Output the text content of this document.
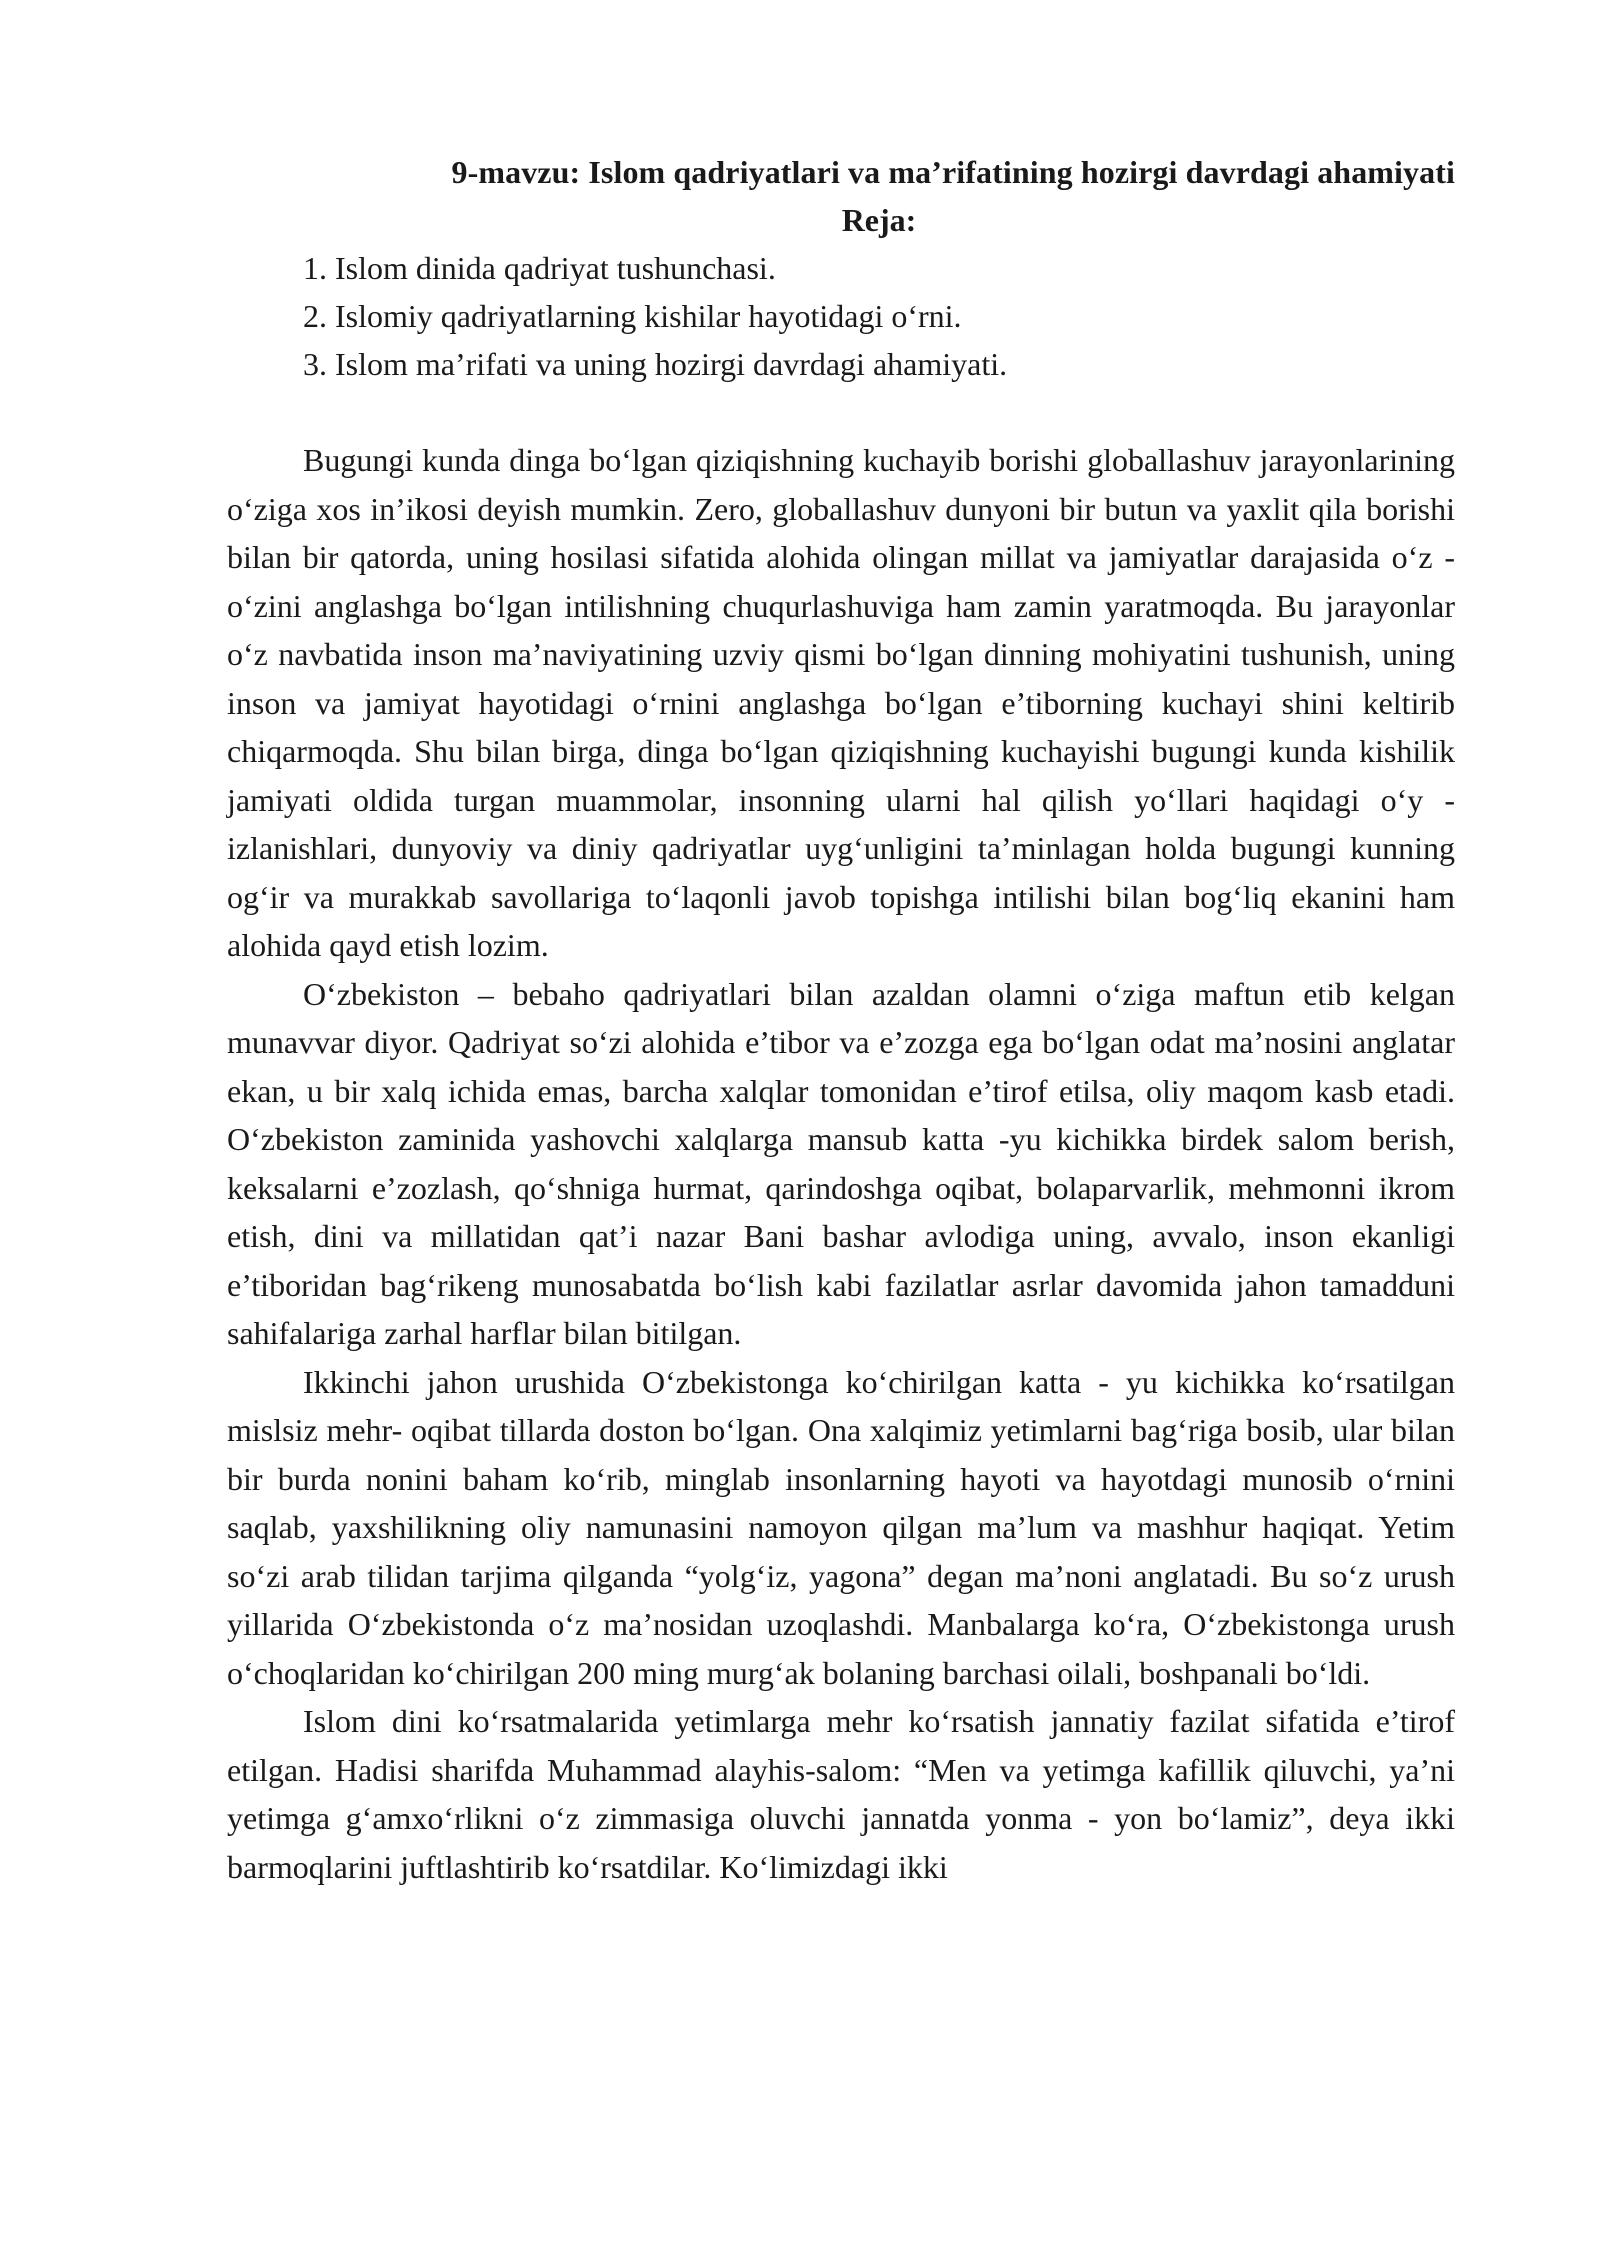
9-mavzu: Islom qadriyatlari va ma’rifatining hozirgi davrdagi ahamiyati
Reja:
1. Islom dinida qadriyat tushunchasi.
2. Islomiy qadriyatlarning kishilar hayotidagi o‘rni.
3. Islom ma’rifati va uning hozirgi davrdagi ahamiyati.

Bugungi kunda dinga bo‘lgan qiziqishning kuchayib borishi globallashuv jarayonlarining o‘ziga xos in’ikosi deyish mumkin. Zero, globallashuv dunyoni bir butun va yaxlit qila borishi bilan bir qatorda, uning hosilasi sifatida alohida olingan millat va jamiyatlar darajasida o‘z - o‘zini anglashga bo‘lgan intilishning chuqurlashuviga ham zamin yaratmoqda. Bu jarayonlar o‘z navbatida inson ma’naviyatining uzviy qismi bo‘lgan dinning mohiyatini tushunish, uning inson va jamiyat hayotidagi o‘rnini anglashga bo‘lgan e’tiborning kuchayi shini keltirib chiqarmoqda. Shu bilan birga, dinga bo‘lgan qiziqishning kuchayishi bugungi kunda kishilik jamiyati oldida turgan muammolar, insonning ularni hal qilish yo‘llari haqidagi o‘y -izlanishlari, dunyoviy va diniy qadriyatlar uyg‘unligini ta’minlagan holda bugungi kunning og‘ir va murakkab savollariga to‘laqonli javob topishga intilishi bilan bog‘liq ekanini ham alohida qayd etish lozim.

O‘zbekiston – bebaho qadriyatlari bilan azaldan olamni o‘ziga maftun etib kelgan munavvar diyor. Qadriyat so‘zi alohida e’tibor va e’zozga ega bo‘lgan odat ma’nosini anglatar ekan, u bir xalq ichida emas, barcha xalqlar tomonidan e’tirof etilsa, oliy maqom kasb etadi. O‘zbekiston zaminida yashovchi xalqlarga mansub katta -yu kichikka birdek salom berish, keksalarni e’zozlash, qo‘shniga hurmat, qarindoshga oqibat, bolaparvarlik, mehmonni ikrom etish, dini va millatidan qat’i nazar Bani bashar avlodiga uning, avvalo, inson ekanligi e’tiboridan bag‘rikeng munosabatda bo‘lish kabi fazilatlar asrlar davomida jahon tamadduni sahifalariga zarhal harflar bilan bitilgan.

Ikkinchi jahon urushida O‘zbekistonga ko‘chirilgan katta - yu kichikka ko‘rsatilgan mislsiz mehr- oqibat tillarda doston bo‘lgan. Ona xalqimiz yetimlarni bag‘riga bosib, ular bilan bir burda nonini baham ko‘rib, minglab insonlarning hayoti va hayotdagi munosib o‘rnini saqlab, yaxshilikning oliy namunasini namoyon qilgan ma’lum va mashhur haqiqat. Yetim so‘zi arab tilidan tarjima qilganda “yolg‘iz, yagona” degan ma’noni anglatadi. Bu so‘z urush yillarida O‘zbekistonda o‘z ma’nosidan uzoqlashdi. Manbalarga ko‘ra, O‘zbekistonga urush o‘choqlaridan ko‘chirilgan 200 ming murg‘ak bolaning barchasi oilali, boshpanali bo‘ldi.

Islom dini ko‘rsatmalarida yetimlarga mehr ko‘rsatish jannatiy fazilat sifatida e’tirof etilgan. Hadisi sharifda Muhammad alayhis-salom: “Men va yetimga kafillik qiluvchi, ya’ni yetimga g‘amxo‘rlikni o‘z zimmasiga oluvchi jannatda yonma - yon bo‘lamiz”, deya ikki barmoqlarini juftlashtirib ko‘rsatdilar. Ko‘limizdagi ikki
